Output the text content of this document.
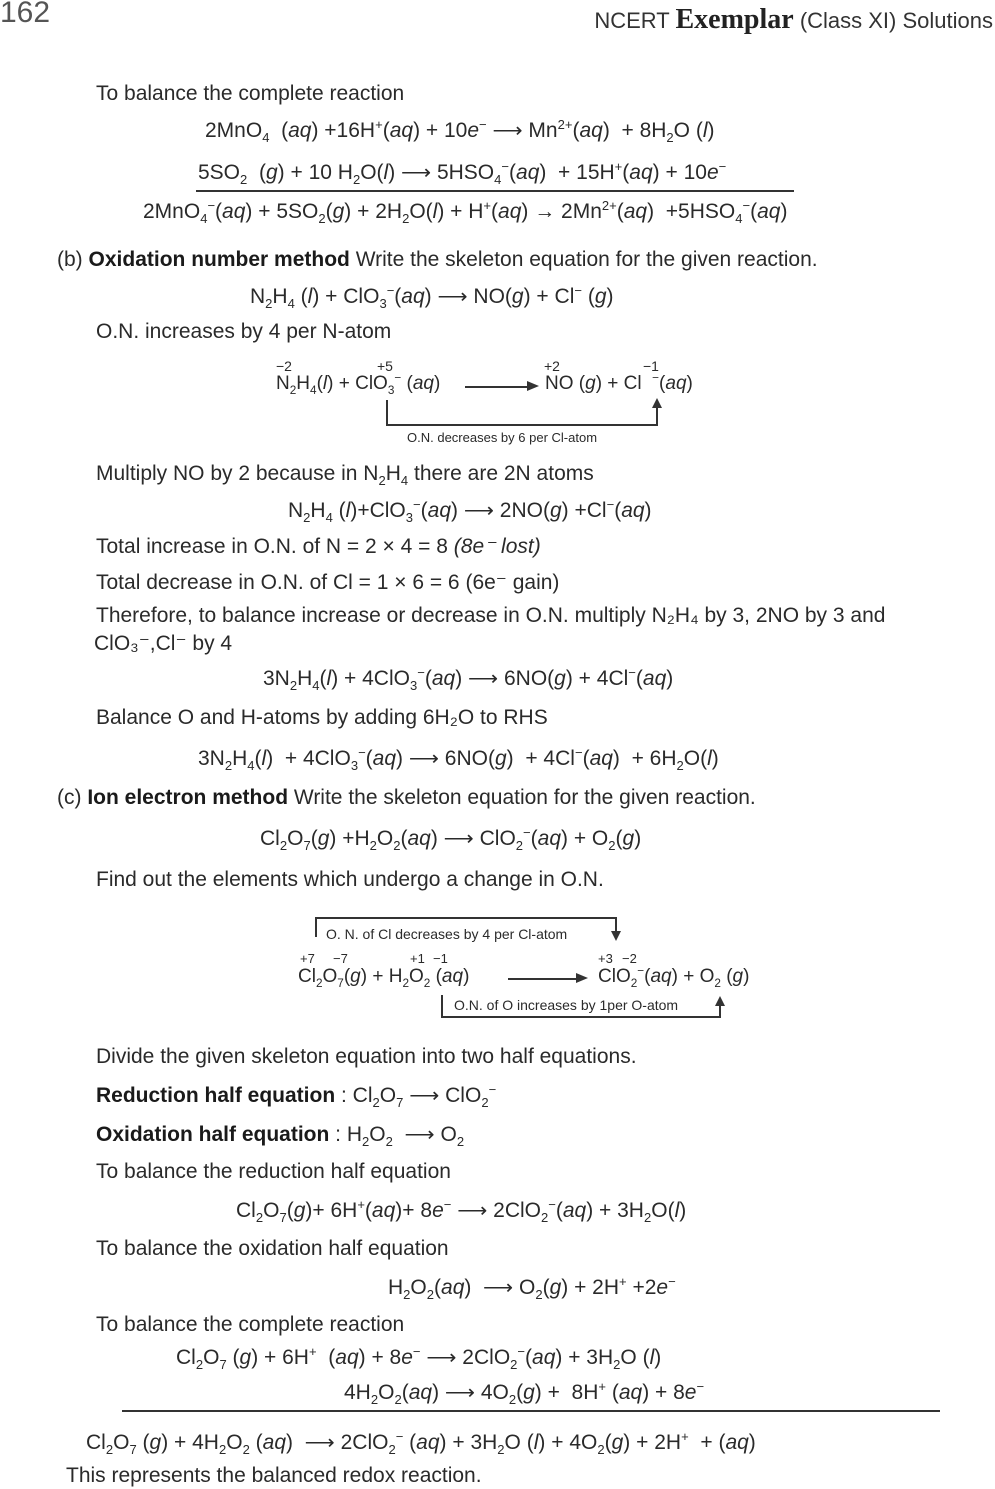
162	NCERT Exemplar (Class XI) Solutions
To balance the complete reaction
2MnO$_4$  (aq) +16H+(aq) + 10e− ⟶ $Mn^{2+}(aq) + 8H_2O$ (l)
$5SO_2$  (g) + 10 $H_2O(l)$ ⟶ $5HSO_4^-(aq) + 15H^+(aq) + 10e^-$
$2MnO_4^-(aq) + 5SO_2(g) + 2H_2O(l) + H^+(aq) \to 2Mn^{2+}(aq) +5HSO_4^-(aq)$
(b) Oxidation number method Write the skeleton equation for the given reaction.
$N_2H_4$ (l) + ClO$_3$−(aq) ⟶ NO(g) + Cl− (g)
O.N. increases by 4 per N-atom
−2	+5	+2	−1
$N_2H_4(l) + ClO_3^-$ (aq)	NO (g) + Cl  −(aq)
O.N. decreases by 6 per Cl-atom
Multiply NO by 2 because in $N_2H_4$ there are 2N atoms
$N_2H_4$ (l)+ClO$_3$−(aq) ⟶ 2NO(g) +Cl−(aq)
Total increase in O.N. of N = 2 × 4 = 8 (8e⁻ lost)
Total decrease in O.N. of Cl = 1 × 6 = 6 (6e⁻ gain)
Therefore, to balance increase or decrease in O.N. multiply N₂H₄ by 3, 2NO by 3 and
ClO₃⁻,Cl⁻ by 4
$3N_2H_4(l) + 4ClO_3^-(aq)$ ⟶ 6NO(g) + 4Cl−(aq)
Balance O and H-atoms by adding 6H₂O to RHS
$3N_2H_4(l) + 4ClO_3^-(aq)$ ⟶ $6NO(g) + 4Cl^-(aq) + 6H_2O(l)$
(c) Ion electron method Write the skeleton equation for the given reaction.
$Cl_2O_7(g) +H_2O_2(aq)$ ⟶ $ClO_2^-(aq) + O_2(g)$
Find out the elements which undergo a change in O.N.
O. N. of Cl decreases by 4 per Cl-atom
+7 −7	+1 −1	+3 −2
$Cl_2O_7(g) + H_2O_2$ (aq)	$ClO_2^-(aq) + O_2$ (g)
O.N. of O increases by 1per O-atom
Divide the given skeleton equation into two half equations.
Reduction half equation : $Cl_2O_7$ ⟶ ClO$_2$−
Oxidation half equation : $H_2O_2$  ⟶ $O_2$
To balance the reduction half equation
$Cl_2O_7(g)+ 6H^+(aq)+ 8e^-$ ⟶ $2ClO_2^-(aq) + 3H_2O(l)$
To balance the oxidation half equation
$H_2O_2(aq)$  ⟶ $O_2(g) + 2H^+ +2e^-$
To balance the complete reaction
$Cl_2O_7$ (g) + 6H+  (aq) + 8e− ⟶ $2ClO_2^-(aq) + 3H_2O$ (l)
$4H_2O_2(aq)$ ⟶ $4O_2(g) + 8H^+$ (aq) + 8e−
$Cl_2O_7$ $(g) + 4H_2O_2$ (aq)  ⟶ 2ClO$_2$− $(aq) + 3H_2O$ $(l) + 4O_2(g) + 2H^+ + (aq)$
This represents the balanced redox reaction.
